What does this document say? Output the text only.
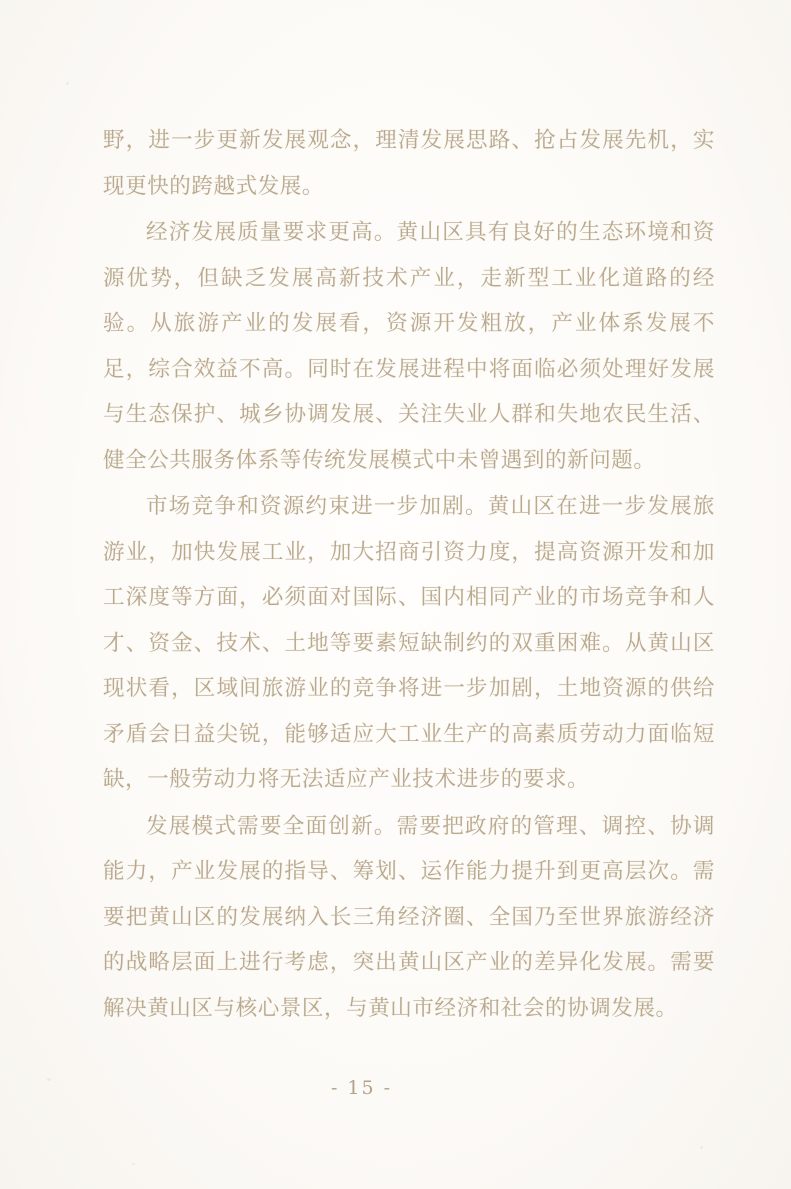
野，进一步更新发展观念，理清发展思路、抢占发展先机，实现更快的跨越式发展。

经济发展质量要求更高。黄山区具有良好的生态环境和资源优势，但缺乏发展高新技术产业，走新型工业化道路的经验。从旅游产业的发展看，资源开发粗放，产业体系发展不足，综合效益不高。同时在发展进程中将面临必须处理好发展与生态保护、城乡协调发展、关注失业人群和失地农民生活、健全公共服务体系等传统发展模式中未曾遇到的新问题。

市场竞争和资源约束进一步加剧。黄山区在进一步发展旅游业，加快发展工业，加大招商引资力度，提高资源开发和加工深度等方面，必须面对国际、国内相同产业的市场竞争和人才、资金、技术、土地等要素短缺制约的双重困难。从黄山区现状看，区域间旅游业的竞争将进一步加剧，土地资源的供给矛盾会日益尖锐，能够适应大工业生产的高素质劳动力面临短缺，一般劳动力将无法适应产业技术进步的要求。

发展模式需要全面创新。需要把政府的管理、调控、协调能力，产业发展的指导、筹划、运作能力提升到更高层次。需要把黄山区的发展纳入长三角经济圈、全国乃至世界旅游经济的战略层面上进行考虑，突出黄山区产业的差异化发展。需要解决黄山区与核心景区，与黄山市经济和社会的协调发展。

- 15 -
